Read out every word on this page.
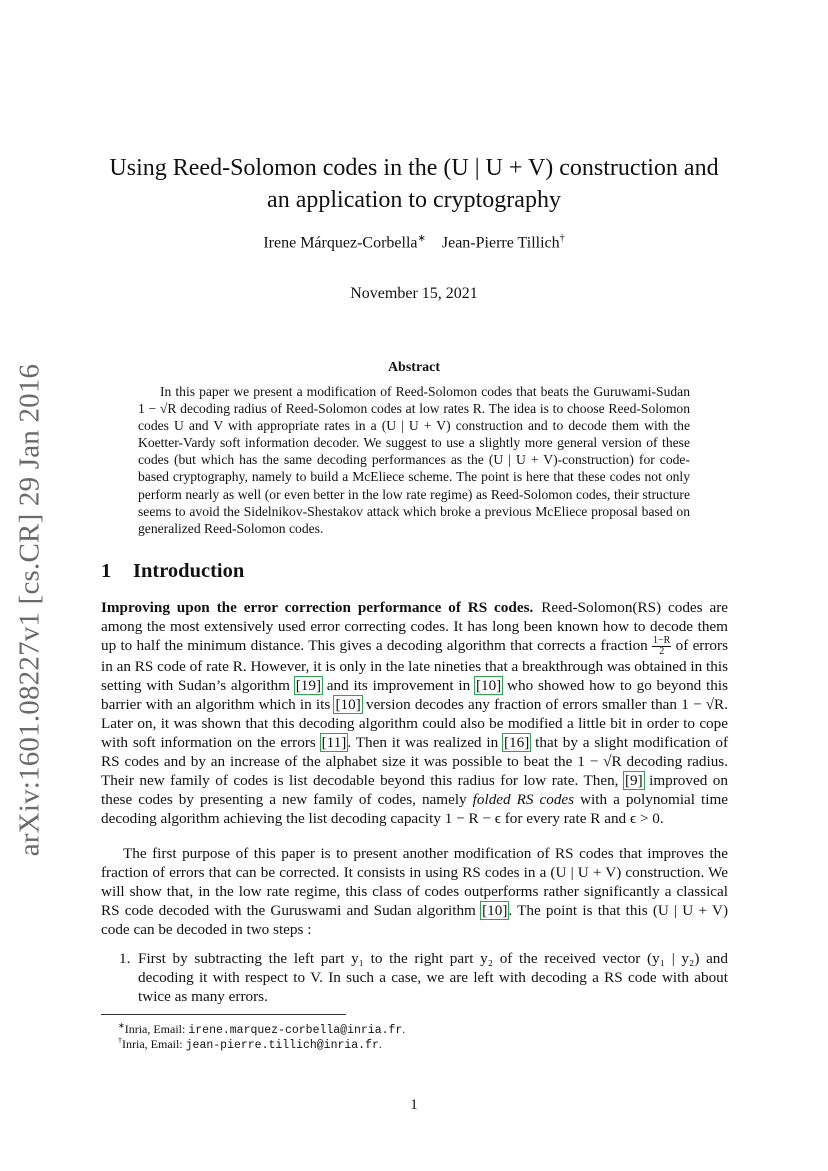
arXiv:1601.08227v1 [cs.CR] 29 Jan 2016
Using Reed-Solomon codes in the (U | U + V) construction and
an application to cryptography
Irene Márquez-Corbella∗ Jean-Pierre Tillich†
November 15, 2021
Abstract

In this paper we present a modification of Reed-Solomon codes that beats the Guruwami-Sudan 1 − √R decoding radius of Reed-Solomon codes at low rates R. The idea is to choose Reed-Solomon codes U and V with appropriate rates in a (U | U + V) construction and to decode them with the Koetter-Vardy soft information decoder. We suggest to use a slightly more general version of these codes (but which has the same decoding performances as the (U | U + V)-construction) for code-based cryptography, namely to build a McEliece scheme. The point is here that these codes not only perform nearly as well (or even better in the low rate regime) as Reed-Solomon codes, their structure seems to avoid the Sidelnikov-Shestakov attack which broke a previous McEliece proposal based on generalized Reed-Solomon codes.

1 Introduction

Improving upon the error correction performance of RS codes. Reed-Solomon(RS) codes are among the most extensively used error correcting codes. It has long been known how to decode them up to half the minimum distance. This gives a decoding algorithm that corrects a fraction $\frac{1-R}{2}$ of errors in an RS code of rate R. However, it is only in the late nineties that a breakthrough was obtained in this setting with Sudan’s algorithm [19] and its improvement in [10] who showed how to go beyond this barrier with an algorithm which in its [10] version decodes any fraction of errors smaller than 1 − √R. Later on, it was shown that this decoding algorithm could also be modified a little bit in order to cope with soft information on the errors [11]. Then it was realized in [16] that by a slight modification of RS codes and by an increase of the alphabet size it was possible to beat the 1 − √R decoding radius. Their new family of codes is list decodable beyond this radius for low rate. Then, [9] improved on these codes by presenting a new family of codes, namely folded RS codes with a polynomial time decoding algorithm achieving the list decoding capacity 1 − R − ϵ for every rate R and ϵ > 0.

The first purpose of this paper is to present another modification of RS codes that improves the fraction of errors that can be corrected. It consists in using RS codes in a (U | U + V) construction. We will show that, in the low rate regime, this class of codes outperforms rather significantly a classical RS code decoded with the Guruswami and Sudan algorithm [10]. The point is that this (U | U + V) code can be decoded in two steps :

1. First by subtracting the left part y₁ to the right part y₂ of the received vector (y₁ | y₂) and decoding it with respect to V. In such a case, we are left with decoding a RS code with about twice as many errors.
∗Inria, Email: irene.marquez-corbella@inria.fr.
†Inria, Email: jean-pierre.tillich@inria.fr.
1
